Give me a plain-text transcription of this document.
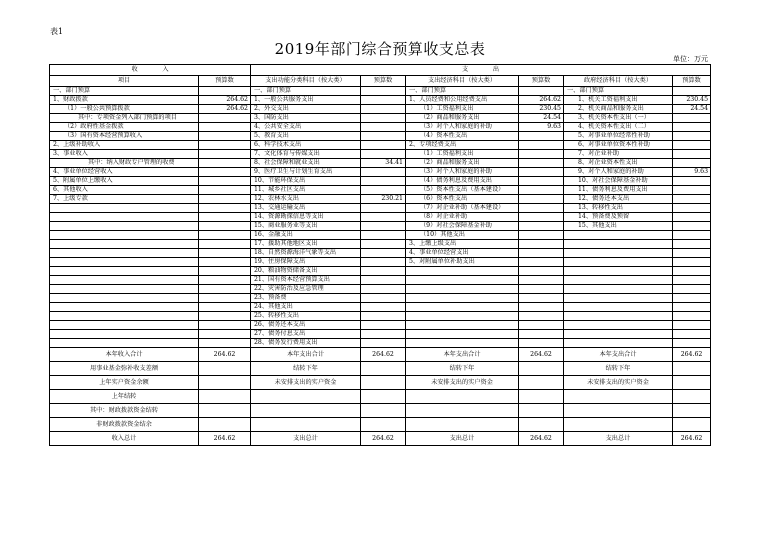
表1
2019年部门综合预算收支总表
单位：万元
收　　　　入		支　　　　出					
项目	预算数	支出功能分类科目（按大类）	预算数	支出经济科目（按大类）	预算数	政府经济科目（按大类）	预算数
一、部门预算		一、部门预算		一、部门预算		一、部门预算	
1、财政拨款	264.62	1、一般公共服务支出		1、人员经费和公用经费支出	264.62	1、机关工资福利支出	230.45
（1）一般公共预算拨款	264.62	2、外交支出		（1）工资福利支出	230.45	2、机关商品和服务支出	24.54
其中：专项资金列入部门预算的项目		3、国防支出		（2）商品和服务支出	24.54	3、机关资本性支出（一）	
（2）政府性基金拨款		4、公共安全支出		（3）对个人和家庭的补助	9.63	4、机关资本性支出（二）	
（3）国有资本经营预算收入		5、教育支出		（4）资本性支出		5、对事业单位经常性补助	
2、上级补助收入		6、科学技术支出		2、专项经费支出		6、对事业单位资本性补助	
3、事业收入		7、文化体育与传媒支出		（1）工资福利支出		7、对企业补助	
其中：纳入财政专户管理的收费		8、社会保障和就业支出	34.41	（2）商品和服务支出		8、对企业资本性支出	
4、事业单位经营收入		9、医疗卫生与计划生育支出		（3）对个人和家庭的补助		9、对个人和家庭的补助	9.63
5、附属单位上缴收入		10、节能环保支出		（4）债务利息及费用支出		10、对社会保障基金补助	
6、其他收入		11、城乡社区支出		（5）资本性支出（基本建设）		11、债务利息及费用支出	
7、上级专款		12、农林水支出	230.21	（6）资本性支出		12、债务还本支出	
		13、交通运输支出		（7）对企业补助（基本建设）		13、转移性支出	
		14、资源勘探信息等支出		（8）对企业补助		14、预备费及预留	
		15、商业服务业等支出		（9）对社会保障基金补助		15、其他支出	
		16、金融支出		（10）其他支出			
		17、援助其他地区支出		3、上缴上级支出			
		18、自然资源海洋气象等支出		4、事业单位经营支出			
		19、住房保障支出		5、对附属单位补助支出			
		20、粮油物资储备支出					
		21、国有资本经营预算支出					
		22、灾害防治及应急管理					
		23、预备费					
		24、其他支出					
		25、转移性支出					
		26、债务还本支出					
		27、债务付息支出					
		28、债务发行费用支出					
本年收入合计	264.62	本年支出合计	264.62	本年支出合计	264.62	本年支出合计	264.62
用事业基金弥补收支差额		结转下年		结转下年		结转下年	
上年实户资金余额		未安排支出的实户资金		未安排支出的实户资金		未安排支出的实户资金	
上年结转							
其中：财政拨款资金结转							
非财政拨款资金结余							
收入总计	264.62	支出总计	264.62	支出总计	264.62	支出总计	264.62
